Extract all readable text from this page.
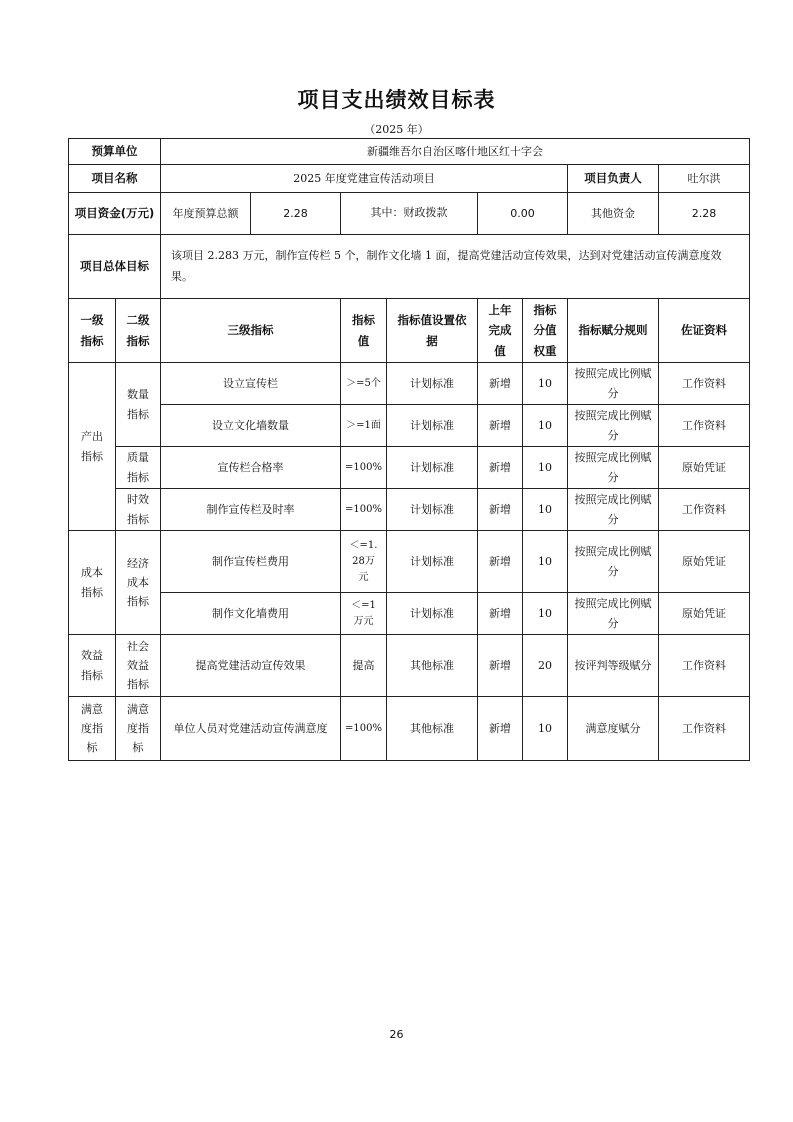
项目支出绩效目标表
（2025 年）
预算单位		新疆维吾尔自治区喀什地区红十字会							
项目名称		2025 年度党建宣传活动项目						项目负责人	吐尔洪
项目资金(万元)		年度预算总额	2.28	其中：财政拨款		0.00		其他资金	2.28
项目总体目标		该项目 2.283 万元，制作宣传栏 5 个，制作文化墙 1 面，提高党建活动宣传效果，达到对党建活动宣传满意度效果。							
一级指标	二级指标	三级指标		指标值	指标值设置依据	上年完成值	指标分值权重	指标赋分规则	佐证资料
产出指标	数量指标	设立宣传栏		＞=5个	计划标准	新增	10	按照完成比例赋分	工作资料
		设立文化墙数量		＞=1面	计划标准	新增	10	按照完成比例赋分	工作资料
	质量指标	宣传栏合格率		=100%	计划标准	新增	10	按照完成比例赋分	原始凭证
	时效指标	制作宣传栏及时率		=100%	计划标准	新增	10	按照完成比例赋分	工作资料
成本指标	经济成本指标	制作宣传栏费用		＜=1.28万元	计划标准	新增	10	按照完成比例赋分	原始凭证
		制作文化墙费用		＜=1万元	计划标准	新增	10	按照完成比例赋分	原始凭证
效益指标	社会效益指标	提高党建活动宣传效果		提高	其他标准	新增	20	按评判等级赋分	工作资料
满意度指标	满意度指标	单位人员对党建活动宣传满意度		=100%	其他标准	新增	10	满意度赋分	工作资料
26
